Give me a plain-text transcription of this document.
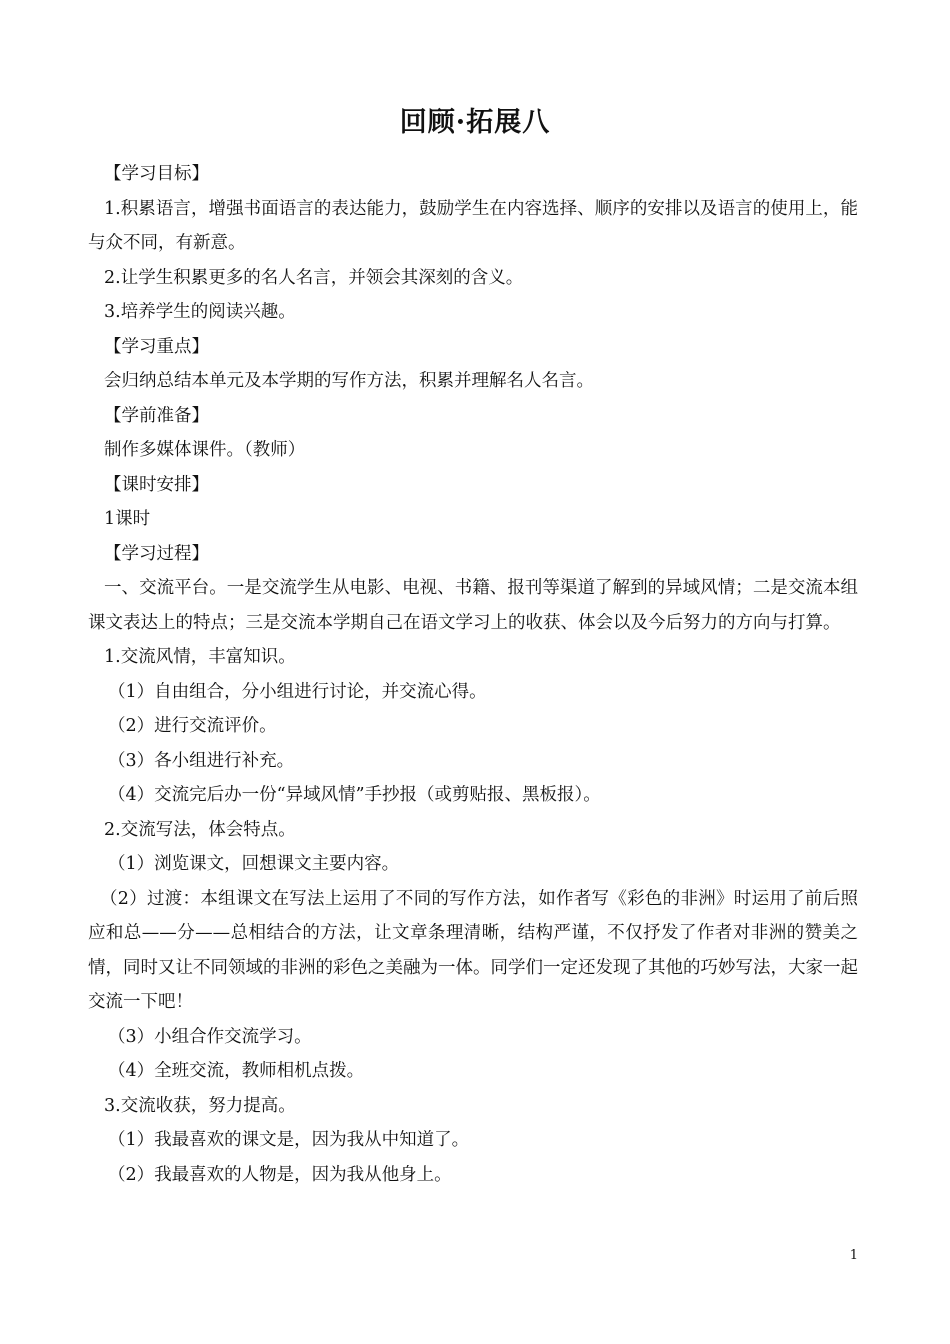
回顾·拓展八

【学习目标】

1.积累语言，增强书面语言的表达能力，鼓励学生在内容选择、顺序的安排以及语言的使用上，能与众不同，有新意。

2.让学生积累更多的名人名言，并领会其深刻的含义。

3.培养学生的阅读兴趣。

【学习重点】

会归纳总结本单元及本学期的写作方法，积累并理解名人名言。

【学前准备】

制作多媒体课件。（教师）

【课时安排】

1课时

【学习过程】

一、交流平台。一是交流学生从电影、电视、书籍、报刊等渠道了解到的异域风情；二是交流本组课文表达上的特点；三是交流本学期自己在语文学习上的收获、体会以及今后努力的方向与打算。

1.交流风情，丰富知识。

（1）自由组合，分小组进行讨论，并交流心得。

（2）进行交流评价。

（3）各小组进行补充。

（4）交流完后办一份“异域风情”手抄报（或剪贴报、黑板报）。

2.交流写法，体会特点。

（1）浏览课文，回想课文主要内容。

（2）过渡：本组课文在写法上运用了不同的写作方法，如作者写《彩色的非洲》时运用了前后照应和总——分——总相结合的方法，让文章条理清晰，结构严谨，不仅抒发了作者对非洲的赞美之情，同时又让不同领域的非洲的彩色之美融为一体。同学们一定还发现了其他的巧妙写法，大家一起交流一下吧！

（3）小组合作交流学习。

（4）全班交流，教师相机点拨。

3.交流收获，努力提高。

（1）我最喜欢的课文是，因为我从中知道了。

（2）我最喜欢的人物是，因为我从他身上。

1
